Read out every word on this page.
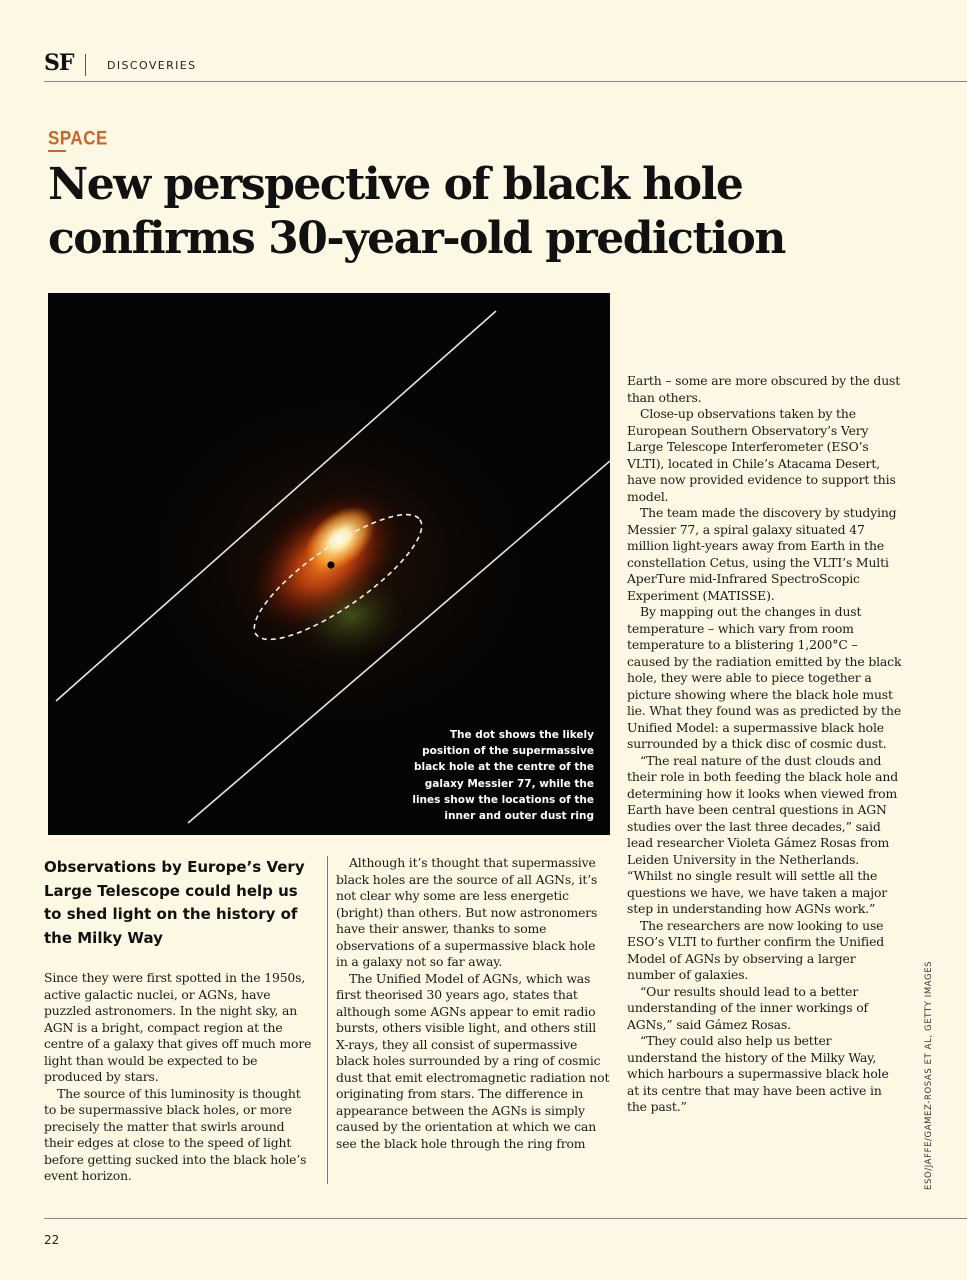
SF	DISCOVERIES
SPACE
New perspective of black hole confirms 30-year-old prediction
The dot shows the likely position of the supermassive black hole at the centre of the galaxy Messier 77, while the lines show the locations of the inner and outer dust ring

Observations by Europe’s Very Large Telescope could help us to shed light on the history of the Milky Way

Since they were first spotted in the 1950s, active galactic nuclei, or AGNs, have puzzled astronomers. In the night sky, an AGN is a bright, compact region at the centre of a galaxy that gives off much more light than would be expected to be produced by stars.

The source of this luminosity is thought to be supermassive black holes, or more precisely the matter that swirls around their edges at close to the speed of light before getting sucked into the black hole’s event horizon.

Although it’s thought that supermassive black holes are the source of all AGNs, it’s not clear why some are less energetic (bright) than others. But now astronomers have their answer, thanks to some observations of a supermassive black hole in a galaxy not so far away.

The Unified Model of AGNs, which was first theorised 30 years ago, states that although some AGNs appear to emit radio bursts, others visible light, and others still X-rays, they all consist of supermassive black holes surrounded by a ring of cosmic dust that emit electromagnetic radiation not originating from stars. The difference in appearance between the AGNs is simply caused by the orientation at which we can see the black hole through the ring from

Earth – some are more obscured by the dust than others.

Close-up observations taken by the European Southern Observatory’s Very Large Telescope Interferometer (ESO’s VLTI), located in Chile’s Atacama Desert, have now provided evidence to support this model.

The team made the discovery by studying Messier 77, a spiral galaxy situated 47 million light-years away from Earth in the constellation Cetus, using the VLTI’s Multi AperTure mid-Infrared SpectroScopic Experiment (MATISSE).

By mapping out the changes in dust temperature – which vary from room temperature to a blistering 1,200°C – caused by the radiation emitted by the black hole, they were able to piece together a picture showing where the black hole must lie. What they found was as predicted by the Unified Model: a supermassive black hole surrounded by a thick disc of cosmic dust.

“The real nature of the dust clouds and their role in both feeding the black hole and determining how it looks when viewed from Earth have been central questions in AGN studies over the last three decades,” said lead researcher Violeta Gámez Rosas from Leiden University in the Netherlands. “Whilst no single result will settle all the questions we have, we have taken a major step in understanding how AGNs work.”

The researchers are now looking to use ESO’s VLTI to further confirm the Unified Model of AGNs by observing a larger number of galaxies.

“Our results should lead to a better understanding of the inner workings of AGNs,” said Gámez Rosas.

“They could also help us better understand the history of the Milky Way, which harbours a supermassive black hole at its centre that may have been active in the past.”	ESO/JAFFE/GAMEZ-ROSAS ET AL, GETTY IMAGES
22
